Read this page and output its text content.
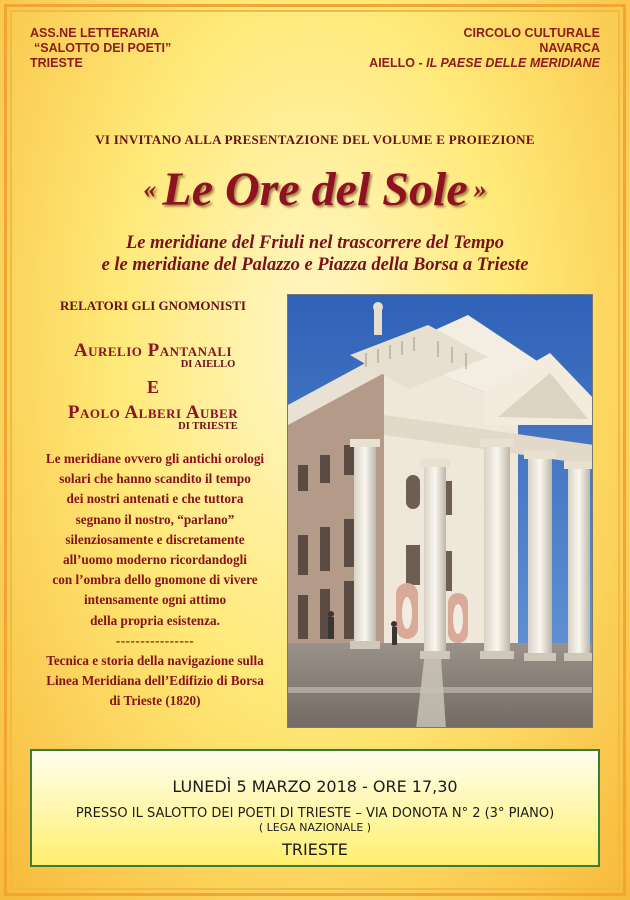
ASS.NE LETTERARIA
“SALOTTO DEI POETI”
TRIESTE
CIRCOLO CULTURALE
NAVARCA
AIELLO - IL PAESE DELLE MERIDIANE
VI INVITANO ALLA PRESENTAZIONE DEL VOLUME E PROIEZIONE
« Le Ore del Sole »
Le meridiane del Friuli nel trascorrere del Tempo
e le meridiane del Palazzo e Piazza della Borsa a Trieste
RELATORI GLI GNOMONISTI
Aurelio Pantanali
DI AIELLO
E
Paolo Alberi Auber
DI TRIESTE
Le meridiane ovvero gli antichi orologi
solari che hanno scandito il tempo
dei nostri antenati e che tuttora
segnano il nostro, “parlano”
silenziosamente e discretamente
all’uomo moderno ricordandogli
con l’ombra dello gnomone di vivere
intensamente ogni attimo
della propria esistenza.
----------------
Tecnica e storia della navigazione sulla
Linea Meridiana dell’Edifizio di Borsa
di Trieste (1820)
LUNEDÌ 5 MARZO 2018 - ORE 17,30
PRESSO IL SALOTTO DEI POETI DI TRIESTE – VIA DONOTA N° 2 (3° PIANO)
( LEGA NAZIONALE )
TRIESTE
